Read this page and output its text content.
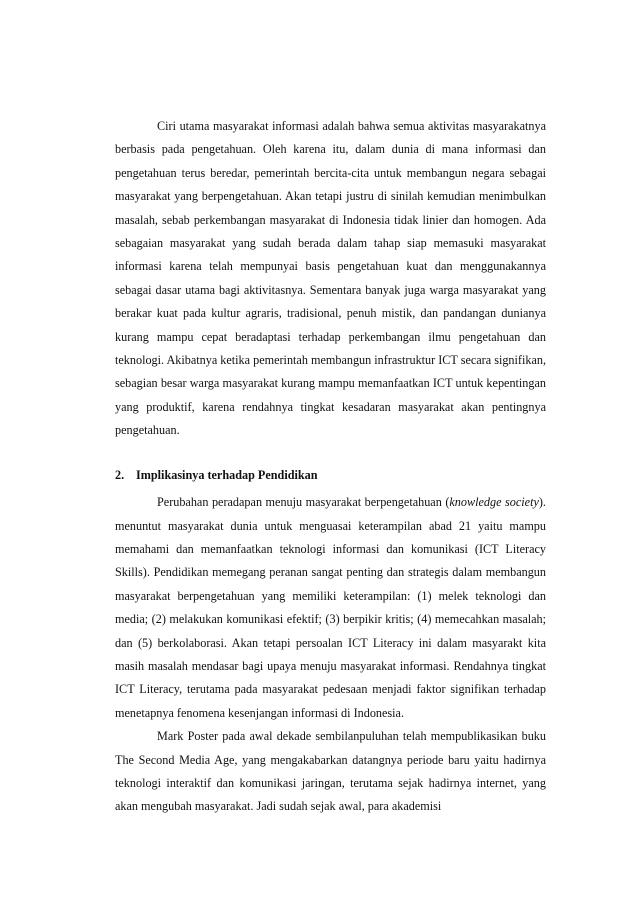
Ciri utama masyarakat informasi adalah bahwa semua aktivitas masyarakatnya berbasis pada pengetahuan. Oleh karena itu, dalam dunia di mana informasi dan pengetahuan terus beredar, pemerintah bercita-cita untuk membangun negara sebagai masyarakat yang berpengetahuan. Akan tetapi justru di sinilah kemudian menimbulkan masalah, sebab perkembangan masyarakat di Indonesia tidak linier dan homogen. Ada sebagaian masyarakat yang sudah berada dalam tahap siap memasuki masyarakat informasi karena telah mempunyai basis pengetahuan kuat dan menggunakannya sebagai dasar utama bagi aktivitasnya. Sementara banyak juga warga masyarakat yang berakar kuat pada kultur agraris, tradisional, penuh mistik, dan pandangan dunianya kurang mampu cepat beradaptasi terhadap perkembangan ilmu pengetahuan dan teknologi. Akibatnya ketika pemerintah membangun infrastruktur ICT secara signifikan, sebagian besar warga masyarakat kurang mampu memanfaatkan ICT untuk kepentingan yang produktif, karena rendahnya tingkat kesadaran masyarakat akan pentingnya pengetahuan.

2. Implikasinya terhadap Pendidikan

Perubahan peradapan menuju masyarakat berpengetahuan (knowledge society). menuntut masyarakat dunia untuk menguasai keterampilan abad 21 yaitu mampu memahami dan memanfaatkan teknologi informasi dan komunikasi (ICT Literacy Skills). Pendidikan memegang peranan sangat penting dan strategis dalam membangun masyarakat berpengetahuan yang memiliki keterampilan: (1) melek teknologi dan media; (2) melakukan komunikasi efektif; (3) berpikir kritis; (4) memecahkan masalah; dan (5) berkolaborasi. Akan tetapi persoalan ICT Literacy ini dalam masyarakt kita masih masalah mendasar bagi upaya menuju masyarakat informasi. Rendahnya tingkat ICT Literacy, terutama pada masyarakat pedesaan menjadi faktor signifikan terhadap menetapnya fenomena kesenjangan informasi di Indonesia.

Mark Poster pada awal dekade sembilanpuluhan telah mempublikasikan buku The Second Media Age, yang mengakabarkan datangnya periode baru yaitu hadirnya teknologi interaktif dan komunikasi jaringan, terutama sejak hadirnya internet, yang akan mengubah masyarakat. Jadi sudah sejak awal, para akademisi
